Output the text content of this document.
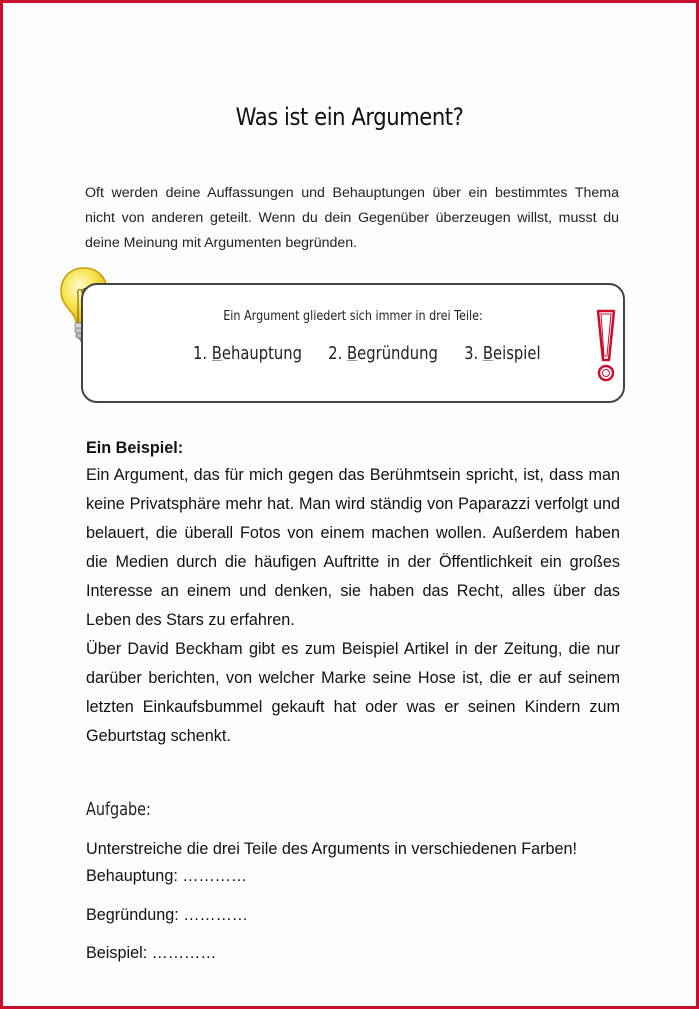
Was ist ein Argument?
Oft werden deine Auffassungen und Behauptungen über ein bestimmtes Thema nicht von anderen geteilt. Wenn du dein Gegenüber überzeugen willst, musst du deine Meinung mit Argumenten begründen.
Ein Argument gliedert sich immer in drei Teile:
1. Behauptung 2. Begründung 3. Beispiel
Ein Beispiel:

Ein Argument, das für mich gegen das Berühmtsein spricht, ist, dass man keine Privatsphäre mehr hat. Man wird ständig von Paparazzi verfolgt und belauert, die überall Fotos von einem machen wollen. Außerdem haben die Medien durch die häufigen Auftritte in der Öffentlichkeit ein großes Interesse an einem und denken, sie haben das Recht, alles über das Leben des Stars zu erfahren.

Über David Beckham gibt es zum Beispiel Artikel in der Zeitung, die nur darüber berichten, von welcher Marke seine Hose ist, die er auf seinem letzten Einkaufsbummel gekauft hat oder was er seinen Kindern zum Geburtstag schenkt.

Aufgabe:
Unterstreiche die drei Teile des Arguments in verschiedenen Farben!
Behauptung: …………
Begründung: …………
Beispiel: …………
